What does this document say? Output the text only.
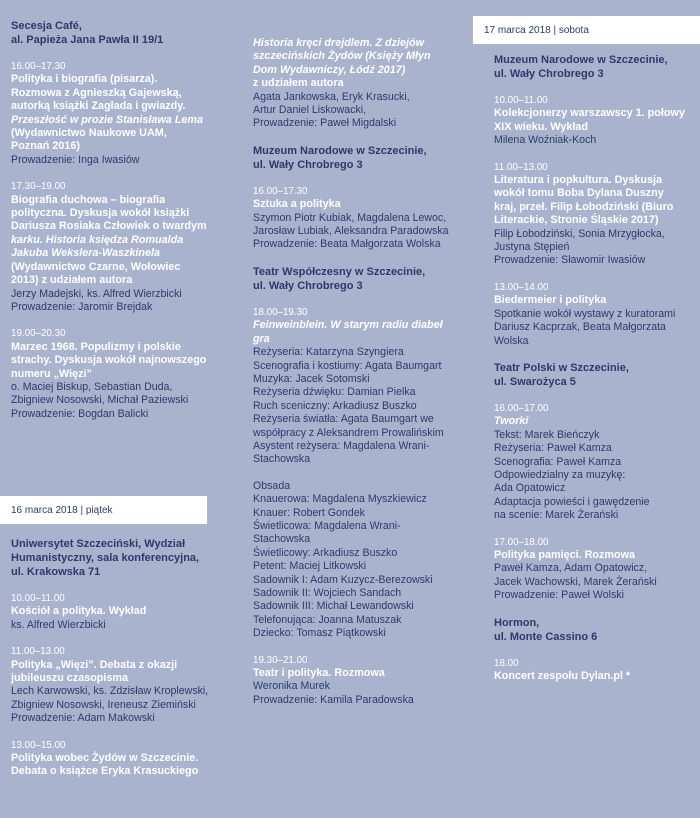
17 marca 2018 | sobota
16 marca 2018 | piątek
Secesja Café,
al. Papieża Jana Pawła II 19/1
16.00–17.30
Polityka i biografia (pisarza).
Rozmowa z Agnieszką Gajewską,
autorką książki Zagłada i gwiazdy.
Przeszłość w prozie Stanisława Lema
(Wydawnictwo Naukowe UAM,
Poznań 2016)
Prowadzenie: Inga Iwasiów
17.30–19.00
Biografia duchowa – biografia
polityczna. Dyskusja wokół książki
Dariusza Rosiaka Człowiek o twardym
karku. Historia księdza Romualda
Jakuba Wekslera-Waszkinela
(Wydawnictwo Czarne, Wołowiec
2013) z udziałem autora
Jerzy Madejski, ks. Alfred Wierzbicki
Prowadzenie: Jaromir Brejdak
19.00–20.30
Marzec 1968. Populizmy i polskie
strachy. Dyskusja wokół najnowszego
numeru „Więzi”
o. Maciej Biskup, Sebastian Duda,
Zbigniew Nosowski, Michał Paziewski
Prowadzenie: Bogdan Balicki
Uniwersytet Szczeciński, Wydział
Humanistyczny, sala konferencyjna,
ul. Krakowska 71
10.00–11.00
Kościół a polityka. Wykład
ks. Alfred Wierzbicki
11.00–13.00
Polityka „Więzi”. Debata z okazji
jubileuszu czasopisma
Lech Karwowski, ks. Zdzisław Kroplewski,
Zbigniew Nosowski, Ireneusz Ziemiński
Prowadzenie: Adam Makowski
13.00–15.00
Polityka wobec Żydów w Szczecinie.
Debata o książce Eryka Krasuckiego
Historia kręci drejdlem. Z dziejów
szczecińskich Żydów (Księży Młyn
Dom Wydawniczy, Łódź 2017)
z udziałem autora
Agata Jankowska, Eryk Krasucki,
Artur Daniel Liskowacki,
Prowadzenie: Paweł Migdalski
Muzeum Narodowe w Szczecinie,
ul. Wały Chrobrego 3
16.00–17.30
Sztuka a polityka
Szymon Piotr Kubiak, Magdalena Lewoc,
Jarosław Lubiak, Aleksandra Paradowska
Prowadzenie: Beata Małgorzata Wolska
Teatr Współczesny w Szczecinie,
ul. Wały Chrobrego 3
18.00–19.30
Feinweinblein. W starym radiu diabeł
gra
Reżyseria: Katarzyna Szyngiera
Scenografia i kostiumy: Agata Baumgart
Muzyka: Jacek Sotomski
Reżyseria dźwięku: Damian Pielka
Ruch sceniczny: Arkadiusz Buszko
Reżyseria światła: Agata Baumgart we
współpracy z Aleksandrem Prowalińskim
Asystent reżysera: Magdalena Wrani-
Stachowska
Obsada
Knauerowa: Magdalena Myszkiewicz
Knauer: Robert Gondek
Świetlicowa: Magdalena Wrani-
Stachowska
Świetlicowy: Arkadiusz Buszko
Petent: Maciej Litkowski
Sadownik I: Adam Kuzycz-Berezowski
Sadownik II: Wojciech Sandach
Sadownik III: Michał Lewandowski
Telefonująca: Joanna Matuszak
Dziecko: Tomasz Piątkowski
19.30–21.00
Teatr i polityka. Rozmowa
Weronika Murek
Prowadzenie: Kamila Paradowska
Muzeum Narodowe w Szczecinie,
ul. Wały Chrobrego 3
10.00–11.00
Kolekcjonerzy warszawscy 1. połowy
XIX wieku. Wykład
Milena Woźniak-Koch
11.00–13.00
Literatura i popkultura. Dyskusja
wokół tomu Boba Dylana Duszny
kraj, przeł. Filip Łobodziński (Biuro
Literackie, Stronie Śląskie 2017)
Filip Łobodziński, Sonia Mrzygłocka,
Justyna Stępień
Prowadzenie: Sławomir Iwasiów
13.00–14.00
Biedermeier i polityka
Spotkanie wokół wystawy z kuratorami
Dariusz Kacprzak, Beata Małgorzata
Wolska
Teatr Polski w Szczecinie,
ul. Swarożyca 5
16.00–17.00
Tworki
Tekst: Marek Bieńczyk
Reżyseria: Paweł Kamza
Scenografia: Paweł Kamza
Odpowiedzialny za muzykę:
Ada Opatowicz
Adaptacja powieści i gawędzenie
na scenie: Marek Żerański
17.00–18.00
Polityka pamięci. Rozmowa
Paweł Kamza, Adam Opatowicz,
Jacek Wachowski, Marek Żerański
Prowadzenie: Paweł Wolski
Hormon,
ul. Monte Cassino 6
18.00
Koncert zespołu Dylan.pl *
